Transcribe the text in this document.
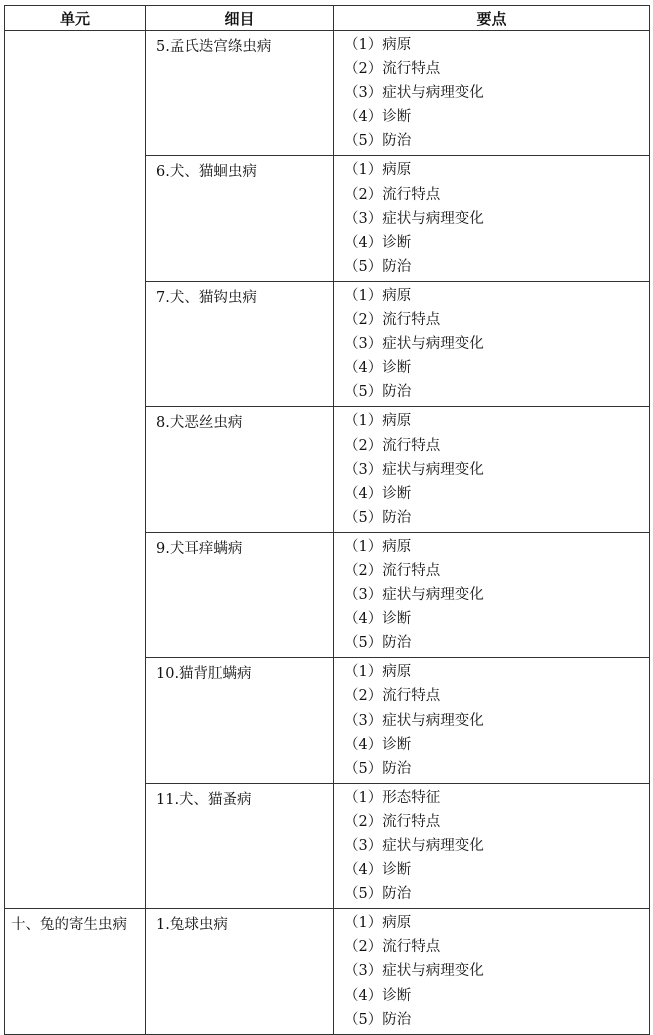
单元	细目	要点
	5.孟氏迭宫绦虫病	（1）病原
（2）流行特点
（3）症状与病理变化
（4）诊断
（5）防治

	6.犬、猫蛔虫病	（1）病原
（2）流行特点
（3）症状与病理变化
（4）诊断
（5）防治

	7.犬、猫钩虫病	（1）病原
（2）流行特点
（3）症状与病理变化
（4）诊断
（5）防治

	8.犬恶丝虫病	（1）病原
（2）流行特点
（3）症状与病理变化
（4）诊断
（5）防治

	9.犬耳痒螨病	（1）病原
（2）流行特点
（3）症状与病理变化
（4）诊断
（5）防治

	10.猫背肛螨病	（1）病原
（2）流行特点
（3）症状与病理变化
（4）诊断
（5）防治

	11.犬、猫蚤病	（1）形态特征
（2）流行特点
（3）症状与病理变化
（4）诊断
（5）防治

十、兔的寄生虫病	1.兔球虫病	（1）病原
（2）流行特点
（3）症状与病理变化
（4）诊断
（5）防治
